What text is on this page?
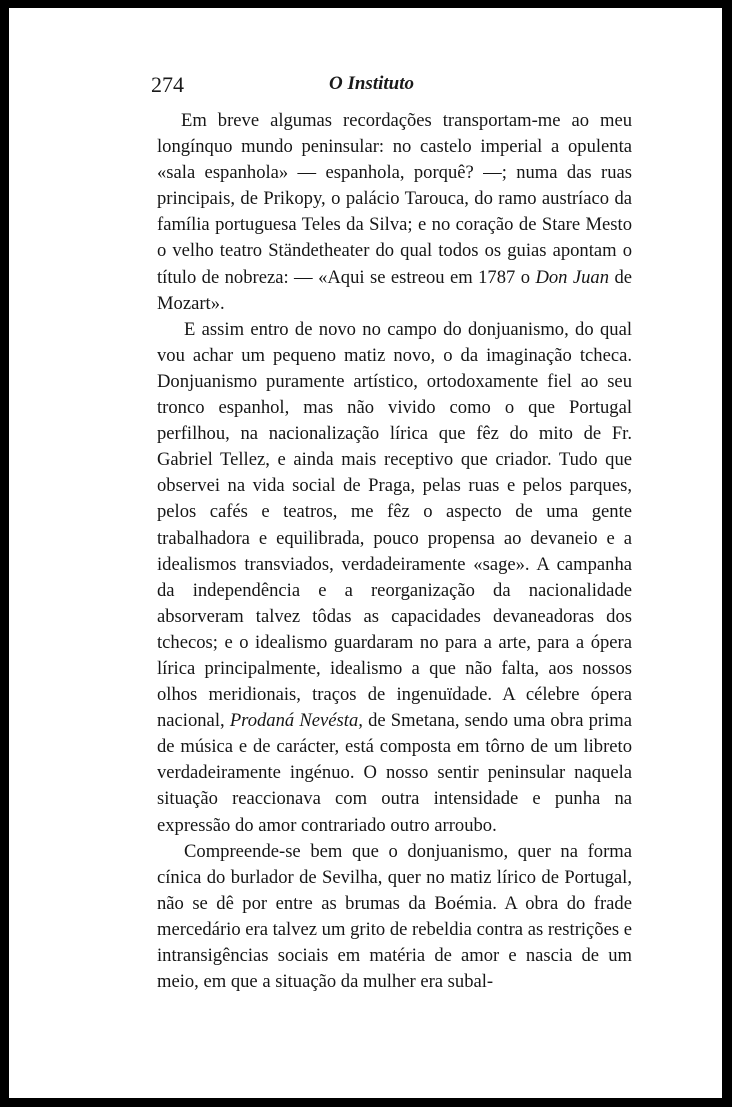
274	O Instituto

Em breve algumas recordações transportam-me ao meu longínquo mundo peninsular: no castelo imperial a opulenta «sala espanhola» — espanhola, porquê? —; numa das ruas principais, de Prikopy, o palácio Tarouca, do ramo austríaco da família portuguesa Teles da Silva; e no coração de Stare Mesto o velho teatro Ständetheater do qual todos os guias apontam o título de nobreza: — «Aqui se estreou em 1787 o Don Juan de Mozart».

E assim entro de novo no campo do donjuanismo, do qual vou achar um pequeno matiz novo, o da imaginação tcheca. Donjuanismo puramente artístico, ortodoxamente fiel ao seu tronco espanhol, mas não vivido como o que Portugal perfilhou, na nacionalização lírica que fêz do mito de Fr. Gabriel Tellez, e ainda mais receptivo que criador. Tudo que observei na vida social de Praga, pelas ruas e pelos parques, pelos cafés e teatros, me fêz o aspecto de uma gente trabalhadora e equilibrada, pouco propensa ao devaneio e a idealismos transviados, verdadeiramente «sage». A campanha da independência e a reorganização da nacionalidade absorveram talvez tôdas as capacidades devaneadoras dos tchecos; e o idealismo guardaram no para a arte, para a ópera lírica principalmente, idealismo a que não falta, aos nossos olhos meridionais, traços de ingenuïdade. A célebre ópera nacional, Prodaná Nevésta, de Smetana, sendo uma obra prima de música e de carácter, está composta em tôrno de um libreto verdadeiramente ingénuo. O nosso sentir peninsular naquela situação reaccionava com outra intensidade e punha na expressão do amor contrariado outro arroubo.

Compreende-se bem que o donjuanismo, quer na forma cínica do burlador de Sevilha, quer no matiz lírico de Portugal, não se dê por entre as brumas da Boémia. A obra do frade mercedário era talvez um grito de rebeldia contra as restrições e intransigências sociais em matéria de amor e nascia de um meio, em que a situação da mulher era subal-
